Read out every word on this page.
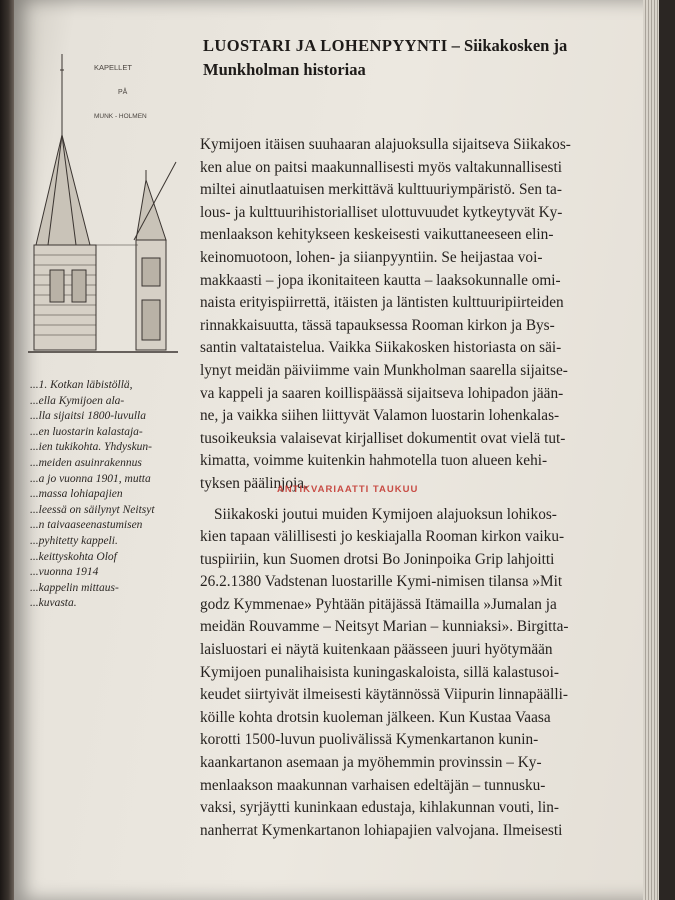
KAPELLET
PÅ
MUNK - HOLMEN

...1. Kotkan läbistöllä,
...ella Kymijoen ala-
...lla sijaitsi 1800-luvulla
...en luostarin kalastaja-
...ien tukikohta. Yhdyskun-
...meiden asuinrakennus
...a jo vuonna 1901, mutta
...massa lohiapajien
...leessä on säilynyt Neitsyt
...n taivaaseenastumisen
...pyhitetty kappeli.
...keittyskohta Olof
...vuonna 1914
...kappelin mittaus-
...kuvasta.

LUOSTARI JA LOHENPYYNTI – Siikakosken ja
Munkholman historiaa
Kymijoen itäisen suuhaaran alajuoksulla sijaitseva Siikakos-
ken alue on paitsi maakunnallisesti myös valtakunnallisesti
miltei ainutlaatuisen merkittävä kulttuuriympäristö. Sen ta-
lous- ja kulttuurihistorialliset ulottuvuudet kytkeytyvät Ky-
menlaakson kehitykseen keskeisesti vaikuttaneeseen elin-
keinomuotoon, lohen- ja siianpyyntiin. Se heijastaa voi-
makkaasti – jopa ikonitaiteen kautta – laaksokunnalle omi-
naista erityispiirrettä, itäisten ja läntisten kulttuuripiirteiden
rinnakkaisuutta, tässä tapauksessa Rooman kirkon ja Bys-
santin valtataistelua. Vaikka Siikakosken historiasta on säi-
lynyt meidän päiviimme vain Munkholman saarella sijaitse-
va kappeli ja saaren koillispäässä sijaitseva lohipadon jään-
ne, ja vaikka siihen liittyvät Valamon luostarin lohenkalas-
tusoikeuksia valaisevat kirjalliset dokumentit ovat vielä tut-
kimatta, voimme kuitenkin hahmotella tuon alueen kehi-
tyksen päälinjoja.
Siikakoski joutui muiden Kymijoen alajuoksun lohikos-
kien tapaan välillisesti jo keskiajalla Rooman kirkon vaiku-
tuspiiriin, kun Suomen drotsi Bo Joninpoika Grip lahjoitti
26.2.1380 Vadstenan luostarille Kymi-nimisen tilansa »Mit
godz Kymmenae» Pyhtään pitäjässä Itämailla »Jumalan ja
meidän Rouvamme – Neitsyt Marian – kunniaksi». Birgitta-
laisluostari ei näytä kuitenkaan päässeen juuri hyötymään
Kymijoen punalihaisista kuningaskaloista, sillä kalastusoi-
keudet siirtyivät ilmeisesti käytännössä Viipurin linnapäälli-
köille kohta drotsin kuoleman jälkeen. Kun Kustaa Vaasa
korotti 1500-luvun puolivälissä Kymenkartanon kunin-
kaankartanon asemaan ja myöhemmin provinssin – Ky-
menlaakson maakunnan varhaisen edeltäjän – tunnusku-
vaksi, syrjäytti kuninkaan edustaja, kihlakunnan vouti, lin-
nanherrat Kymenkartanon lohiapajien valvojana. Ilmeisesti
ANTIKVARIAATTI TAUKUU
